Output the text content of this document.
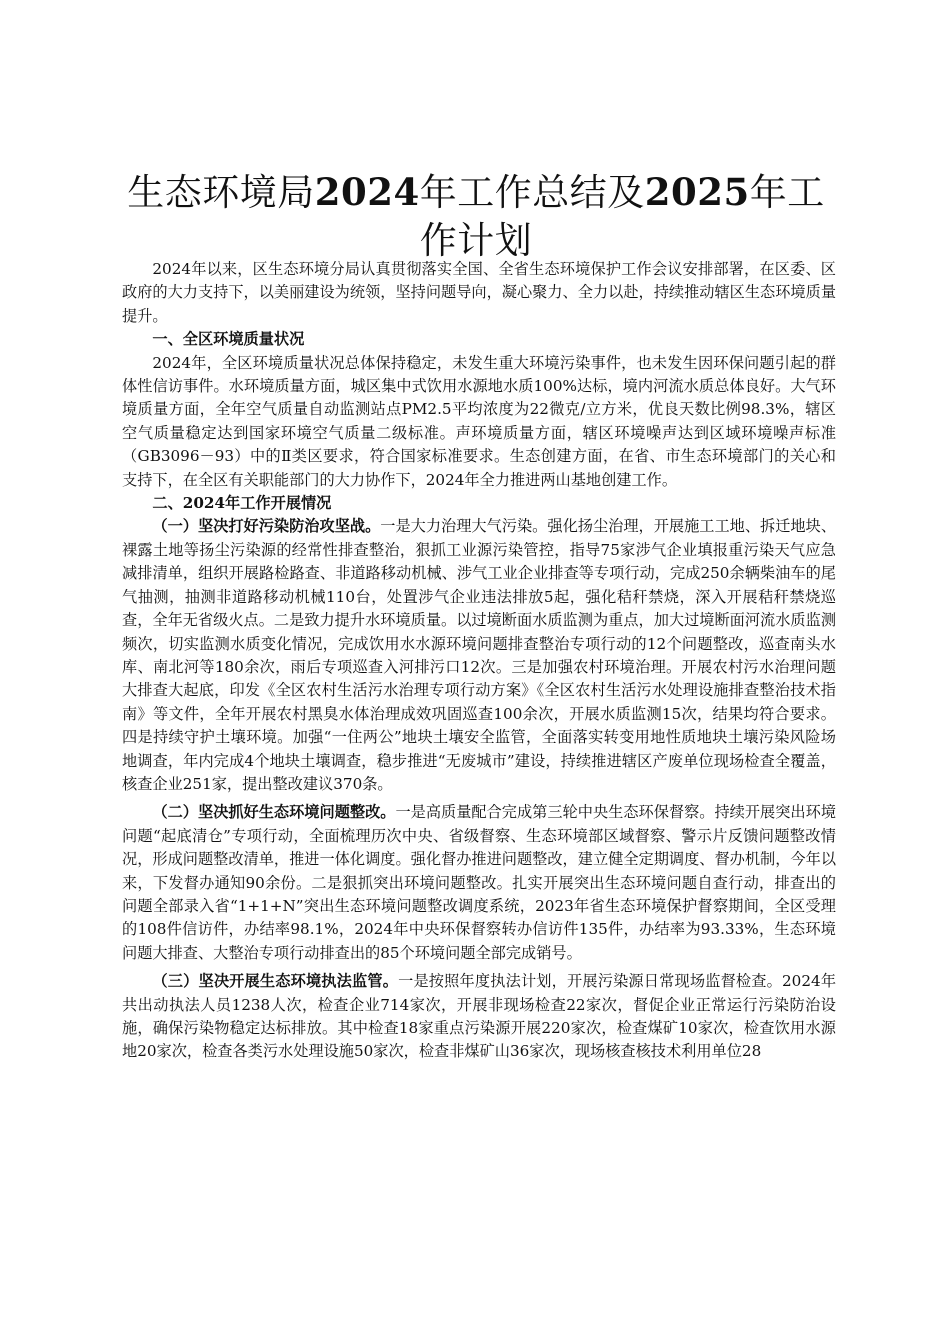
生态环境局2024年工作总结及2025年工作计划

2024年以来，区生态环境分局认真贯彻落实全国、全省生态环境保护工作会议安排部署，在区委、区政府的大力支持下，以美丽建设为统领，坚持问题导向，凝心聚力、全力以赴，持续推动辖区生态环境质量提升。

一、全区环境质量状况

2024年，全区环境质量状况总体保持稳定，未发生重大环境污染事件，也未发生因环保问题引起的群体性信访事件。水环境质量方面，城区集中式饮用水源地水质100%达标，境内河流水质总体良好。大气环境质量方面，全年空气质量自动监测站点PM2.5平均浓度为22微克/立方米，优良天数比例98.3%，辖区空气质量稳定达到国家环境空气质量二级标准。声环境质量方面，辖区环境噪声达到区域环境噪声标准（GB3096－93）中的Ⅱ类区要求，符合国家标准要求。生态创建方面，在省、市生态环境部门的关心和支持下，在全区有关职能部门的大力协作下，2024年全力推进两山基地创建工作。

二、2024年工作开展情况

（一）坚决打好污染防治攻坚战。一是大力治理大气污染。强化扬尘治理，开展施工工地、拆迁地块、裸露土地等扬尘污染源的经常性排查整治，狠抓工业源污染管控，指导75家涉气企业填报重污染天气应急减排清单，组织开展路检路查、非道路移动机械、涉气工业企业排查等专项行动，完成250余辆柴油车的尾气抽测，抽测非道路移动机械110台，处置涉气企业违法排放5起，强化秸秆禁烧，深入开展秸秆禁烧巡查，全年无省级火点。二是致力提升水环境质量。以过境断面水质监测为重点，加大过境断面河流水质监测频次，切实监测水质变化情况，完成饮用水水源环境问题排查整治专项行动的12个问题整改，巡查南头水库、南北河等180余次，雨后专项巡查入河排污口12次。三是加强农村环境治理。开展农村污水治理问题大排查大起底，印发《全区农村生活污水治理专项行动方案》《全区农村生活污水处理设施排查整治技术指南》等文件，全年开展农村黑臭水体治理成效巩固巡查100余次，开展水质监测15次，结果均符合要求。四是持续守护土壤环境。加强“一住两公”地块土壤安全监管，全面落实转变用地性质地块土壤污染风险场地调查，年内完成4个地块土壤调查，稳步推进“无废城市”建设，持续推进辖区产废单位现场检查全覆盖，核查企业251家，提出整改建议370条。

（二）坚决抓好生态环境问题整改。一是高质量配合完成第三轮中央生态环保督察。持续开展突出环境问题“起底清仓”专项行动，全面梳理历次中央、省级督察、生态环境部区域督察、警示片反馈问题整改情况，形成问题整改清单，推进一体化调度。强化督办推进问题整改，建立健全定期调度、督办机制，今年以来，下发督办通知90余份。二是狠抓突出环境问题整改。扎实开展突出生态环境问题自查行动，排查出的问题全部录入省“1+1+N”突出生态环境问题整改调度系统，2023年省生态环境保护督察期间，全区受理的108件信访件，办结率98.1%，2024年中央环保督察转办信访件135件，办结率为93.33%，生态环境问题大排查、大整治专项行动排查出的85个环境问题全部完成销号。

（三）坚决开展生态环境执法监管。一是按照年度执法计划，开展污染源日常现场监督检查。2024年共出动执法人员1238人次，检查企业714家次，开展非现场检查22家次，督促企业正常运行污染防治设施，确保污染物稳定达标排放。其中检查18家重点污染源开展220家次，检查煤矿10家次，检查饮用水源地20家次，检查各类污水处理设施50家次，检查非煤矿山36家次，现场核查核技术利用单位28
